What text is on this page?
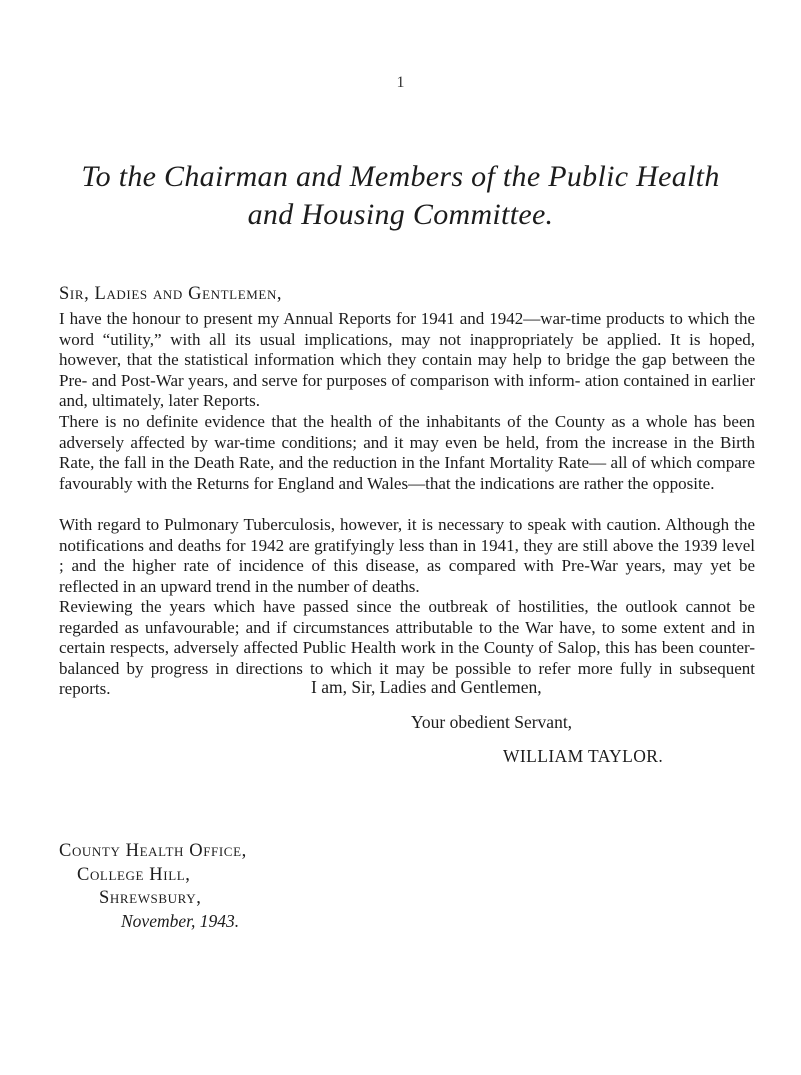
1
To the Chairman and Members of the Public Health
and Housing Committee.
Sir, Ladies and Gentlemen,

I have the honour to present my Annual Reports for 1941 and 1942—war-time products to which the word “utility,” with all its usual implications, may not inappropriately be applied. It is hoped, however, that the statistical information which they contain may help to bridge the gap between the Pre- and Post-War years, and serve for purposes of comparison with inform- ation contained in earlier and, ultimately, later Reports.

There is no definite evidence that the health of the inhabitants of the County as a whole has been adversely affected by war-time conditions; and it may even be held, from the increase in the Birth Rate, the fall in the Death Rate, and the reduction in the Infant Mortality Rate— all of which compare favourably with the Returns for England and Wales—that the indications are rather the opposite.

With regard to Pulmonary Tuberculosis, however, it is necessary to speak with caution. Although the notifications and deaths for 1942 are gratifyingly less than in 1941, they are still above the 1939 level ; and the higher rate of incidence of this disease, as compared with Pre-War years, may yet be reflected in an upward trend in the number of deaths.

Reviewing the years which have passed since the outbreak of hostilities, the outlook cannot be regarded as unfavourable; and if circumstances attributable to the War have, to some extent and in certain respects, adversely affected Public Health work in the County of Salop, this has been counter-balanced by progress in directions to which it may be possible to refer more fully in subsequent reports.	I am, Sir, Ladies and Gentlemen,
Your obedient Servant,
WILLIAM TAYLOR.
County Health Office,
College Hill,
Shrewsbury,
November, 1943.
